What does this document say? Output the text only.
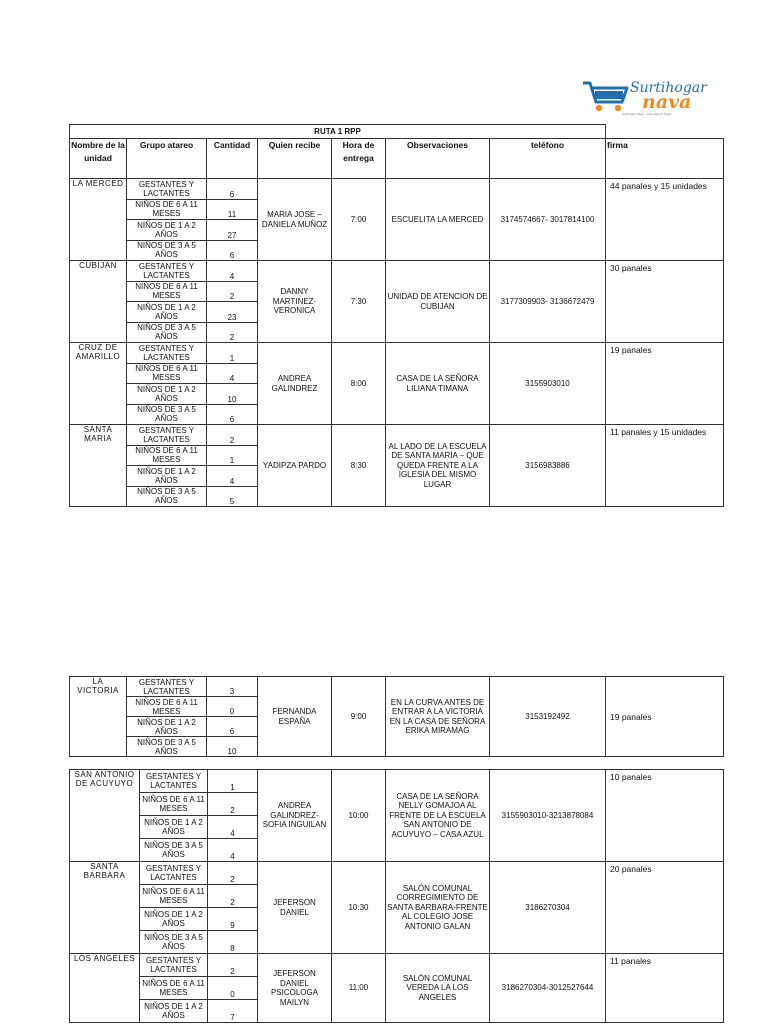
Surtihogar
nava
Surtihogar Nava - todo para su hogar
RUTA 1 RPP							
Nombre de la unidad	Grupo atareo	Cantidad	Quien recibe	Hora de entrega	Observaciones	teléfono	firma
LA MERCED	GESTANTES Y LACTANTES	6	MARIA JOSE – DANIELA MUÑOZ	7:00	ESCUELITA LA MERCED	3174574667- 3017814100	44 panales y 15 unidades
	NIÑOS DE 6 A 11 MESES	11					
	NIÑOS DE 1 A 2 AÑOS	27					
	NIÑOS DE 3 A 5 AÑOS	6					
CUBIJAN	GESTANTES Y LACTANTES	4	DANNY MARTINEZ-VERONICA	7:30	UNIDAD DE ATENCION DE CUBIJAN	3177309903- 3136672479	30 panales
	NIÑOS DE 6 A 11 MESES	2					
	NIÑOS DE 1 A 2 AÑOS	23					
	NIÑOS DE 3 A 5 AÑOS	2					
CRUZ DE AMARILLO	GESTANTES Y LACTANTES	1	ANDREA GALINDREZ	8:00	CASA DE LA SEÑORA LILIANA TIMANA	3155903010	19 panales
	NIÑOS DE 6 A 11 MESES	4					
	NIÑOS DE 1 A 2 AÑOS	10					
	NIÑOS DE 3 A 5 AÑOS	6					
SANTA MARIA	GESTANTES Y LACTANTES	2	YADIPZA PARDO	8:30	AL LADO DE LA ESCUELA DE SANTA MARÍA – QUE QUEDA FRENTE A LA IGLESIA DEL MISMO LUGAR	3156983886	11 panales y 15 unidades
	NIÑOS DE 6 A 11 MESES	1					
	NIÑOS DE 1 A 2 AÑOS	4					
	NIÑOS DE 3 A 5 AÑOS	5					
LA VICTORIA	GESTANTES Y LACTANTES	3	FERNANDA ESPAÑA	9:00	EN LA CURVA ANTES DE ENTRAR A LA VICTORIA EN LA CASA DE SEÑORA ERIKA MIRAMAG	3153192492	19 panales
	NIÑOS DE 6 A 11 MESES	0					
	NIÑOS DE 1 A 2 AÑOS	6					
	NIÑOS DE 3 A 5 AÑOS	10					
SAN ANTONIO DE ACUYUYO	GESTANTES Y LACTANTES	1	ANDREA GALINDREZ-SOFIA INGUILAN	10:00	CASA DE LA SEÑORA NELLY GOMAJOA AL FRENTE DE LA ESCUELA SAN ANTONIO DE ACUYUYO – CASA AZUL	3155903010-3213878084	10 panales
	NIÑOS DE 6 A 11 MESES	2					
	NIÑOS DE 1 A 2 AÑOS	4					
	NIÑOS DE 3 A 5 AÑOS	4					
SANTA BARBARA	GESTANTES Y LACTANTES	2	JEFERSON DANIEL	10:30	SALÓN COMUNAL CORREGIMIENTO DE SANTA BARBARA-FRENTE AL COLEGIO JOSE ANTONIO GALAN	3186270304	20 panales
	NIÑOS DE 6 A 11 MESES	2					
	NIÑOS DE 1 A 2 AÑOS	9					
	NIÑOS DE 3 A 5 AÑOS	8					
LOS ANGELES	GESTANTES Y LACTANTES	2	JEFERSON DANIEL PSICOLOGA MAILYN	11:00	SALÓN COMUNAL VEREDA LA LOS ANGELES	3186270304-3012527644	11 panales
	NIÑOS DE 6 A 11 MESES	0					
	NIÑOS DE 1 A 2 AÑOS	7					
